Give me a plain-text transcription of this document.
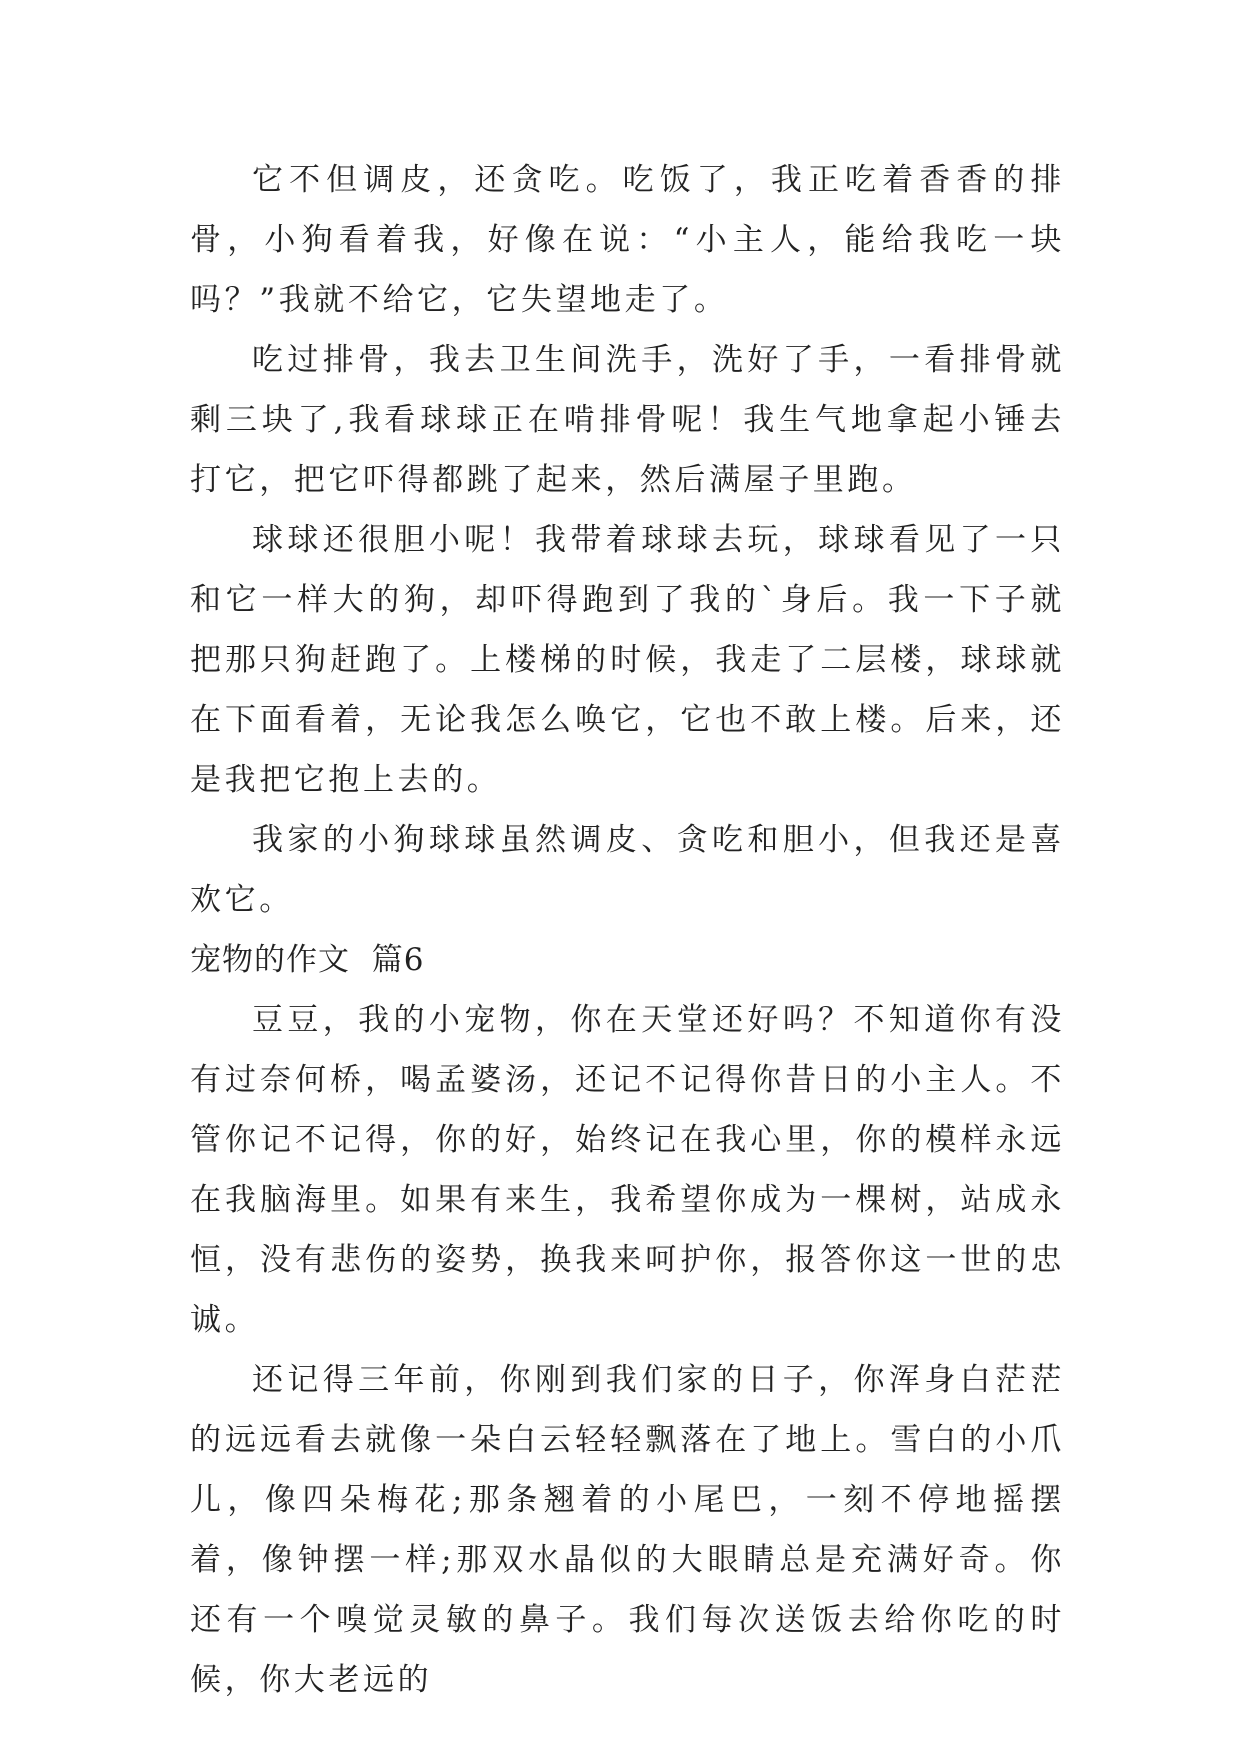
它不但调皮，还贪吃。吃饭了，我正吃着香香的排骨，小狗看着我，好像在说：“小主人，能给我吃一块吗？”我就不给它，它失望地走了。

吃过排骨，我去卫生间洗手，洗好了手，一看排骨就剩三块了,我看球球正在啃排骨呢！我生气地拿起小锤去打它，把它吓得都跳了起来，然后满屋子里跑。

球球还很胆小呢！我带着球球去玩，球球看见了一只和它一样大的狗，却吓得跑到了我的`身后。我一下子就把那只狗赶跑了。上楼梯的时候，我走了二层楼，球球就在下面看着，无论我怎么唤它，它也不敢上楼。后来，还是我把它抱上去的。

我家的小狗球球虽然调皮、贪吃和胆小，但我还是喜欢它。

宠物的作文  篇6

豆豆，我的小宠物，你在天堂还好吗？不知道你有没有过奈何桥，喝孟婆汤，还记不记得你昔日的小主人。不管你记不记得，你的好，始终记在我心里，你的模样永远在我脑海里。如果有来生，我希望你成为一棵树，站成永恒，没有悲伤的姿势，换我来呵护你，报答你这一世的忠诚。

还记得三年前，你刚到我们家的日子，你浑身白茫茫的远远看去就像一朵白云轻轻飘落在了地上。雪白的小爪儿，像四朵梅花;那条翘着的小尾巴，一刻不停地摇摆着，像钟摆一样;那双水晶似的大眼睛总是充满好奇。你还有一个嗅觉灵敏的鼻子。我们每次送饭去给你吃的时候，你大老远的
